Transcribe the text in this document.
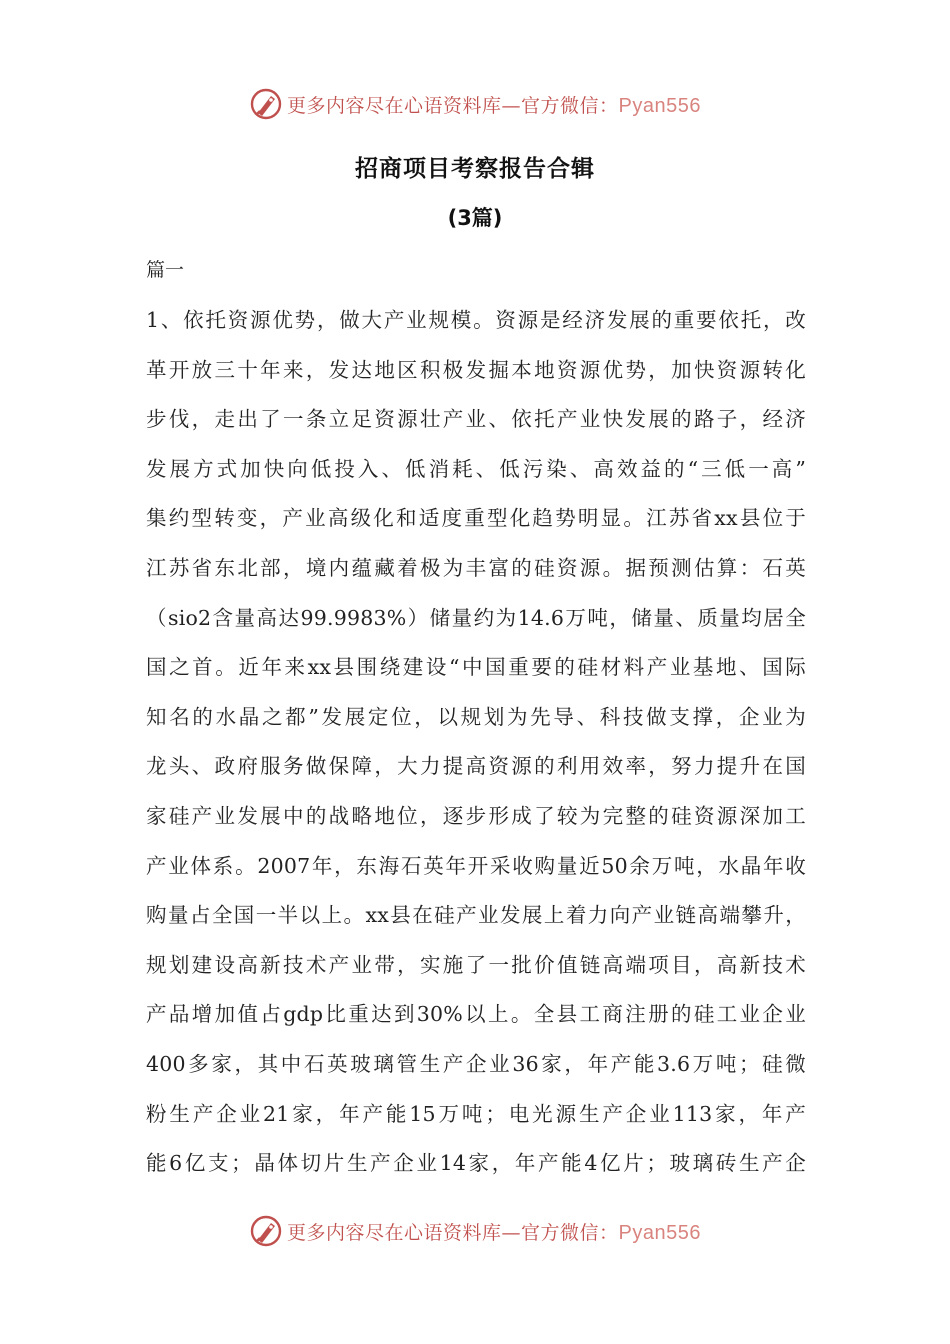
更多内容尽在心语资料库—官方微信：Pyan556
招商项目考察报告合辑
(3篇)
篇一
1、依托资源优势，做大产业规模。资源是经济发展的重要依托，改
革开放三十年来，发达地区积极发掘本地资源优势，加快资源转化
步伐，走出了一条立足资源壮产业、依托产业快发展的路子，经济
发展方式加快向低投入、低消耗、低污染、高效益的“三低一高”
集约型转变，产业高级化和适度重型化趋势明显。江苏省xx县位于
江苏省东北部，境内蕴藏着极为丰富的硅资源。据预测估算：石英
（sio2含量高达99.9983%）储量约为14.6万吨，储量、质量均居全
国之首。近年来xx县围绕建设“中国重要的硅材料产业基地、国际
知名的水晶之都”发展定位，以规划为先导、科技做支撑，企业为
龙头、政府服务做保障，大力提高资源的利用效率，努力提升在国
家硅产业发展中的战略地位，逐步形成了较为完整的硅资源深加工
产业体系。2007年，东海石英年开采收购量近50余万吨，水晶年收
购量占全国一半以上。xx县在硅产业发展上着力向产业链高端攀升，
规划建设高新技术产业带，实施了一批价值链高端项目，高新技术
产品增加值占gdp比重达到30%以上。全县工商注册的硅工业企业
400多家，其中石英玻璃管生产企业36家，年产能3.6万吨；硅微
粉生产企业21家，年产能15万吨；电光源生产企业113家，年产
能6亿支；晶体切片生产企业14家，年产能4亿片；玻璃砖生产企
更多内容尽在心语资料库—官方微信：Pyan556
